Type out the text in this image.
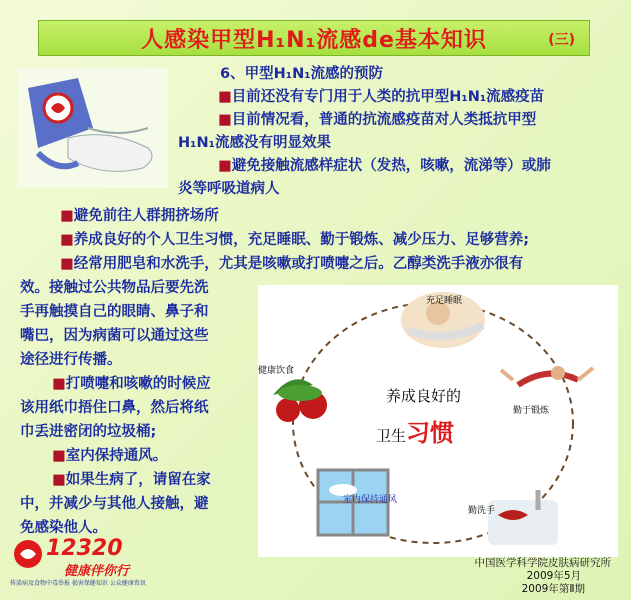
人感染甲型H₁N₁流感de基本知识	(三)
6、甲型H₁N₁流感的预防
■目前还没有专门用于人类的抗甲型H₁N₁流感疫苗
■目前情况看，普通的抗流感疫苗对人类抵抗甲型
H₁N₁流感没有明显效果
■避免接触流感样症状（发热，咳嗽，流涕等）或肺
炎等呼吸道病人
■避免前往人群拥挤场所
■养成良好的个人卫生习惯，充足睡眠、勤于锻炼、减少压力、足够营养;
■经常用肥皂和水洗手，尤其是咳嗽或打喷嚏之后。乙醇类洗手液亦很有
效。接触过公共物品后要先洗
手再触摸自己的眼睛、鼻子和
嘴巴，因为病菌可以通过这些
途径进行传播。
■打喷嚏和咳嗽的时候应
该用纸巾捂住口鼻，然后将纸
巾丢进密闭的垃圾桶;
■室内保持通风。
■如果生病了，请留在家
中，并减少与其他人接触，避
免感染他人。
充足睡眠
勤于锻炼
健康饮食
室内保持通风
勤洗手
养成良好的
卫生习惯
12320
健康伴你行
传染病及食物中毒举报 损害保健知识 公众健康资讯
中国医学科学院皮肤病研究所
2009年5月
2009年第Ⅱ期
